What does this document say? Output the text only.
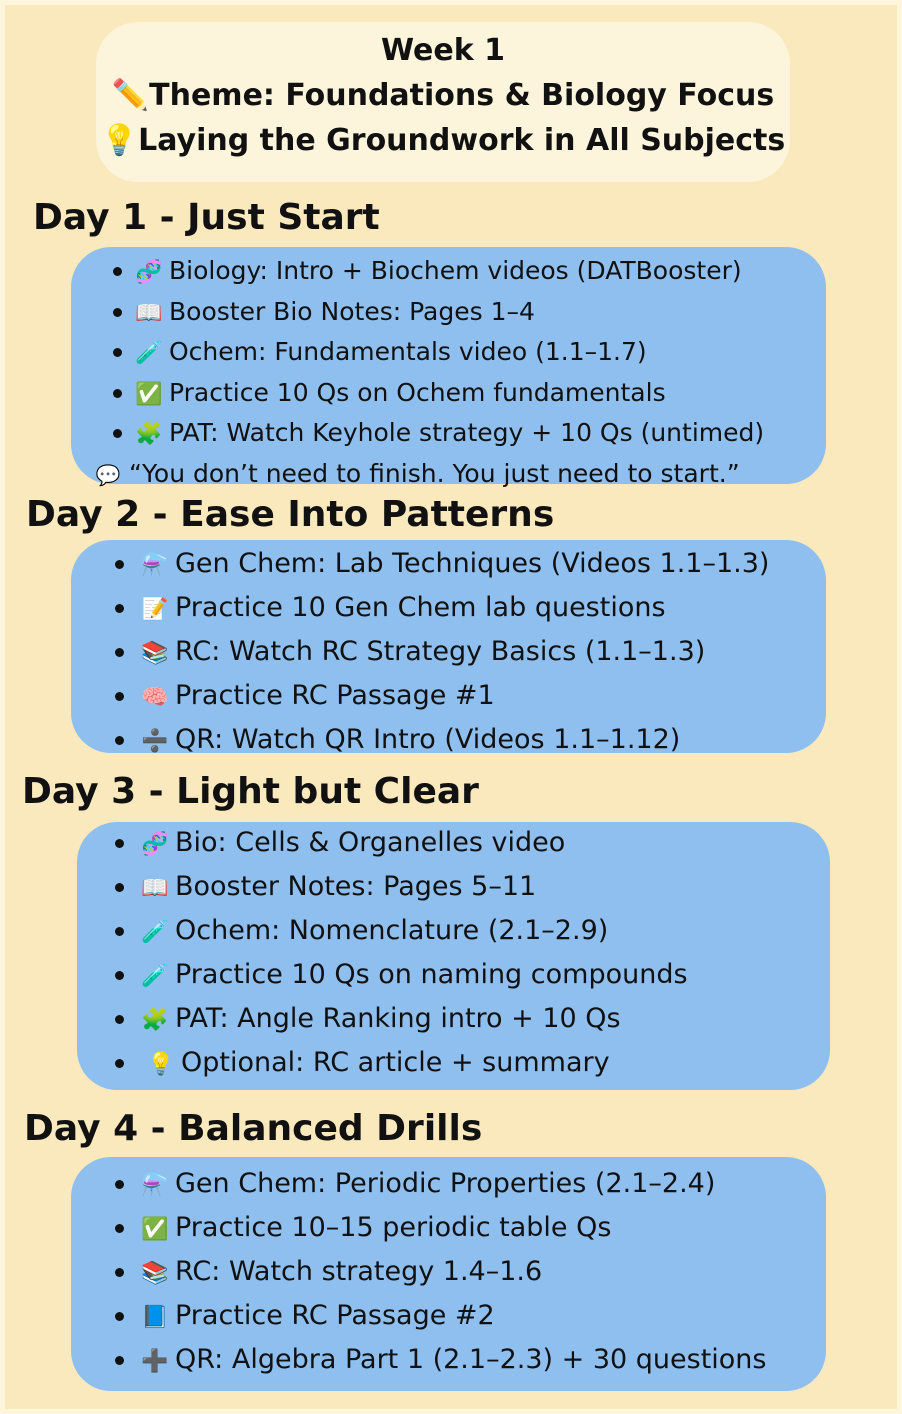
Week 1
✏️Theme: Foundations & Biology Focus
💡Laying the Groundwork in All Subjects
Day 1 - Just Start
🧬 Biology: Intro + Biochem videos (DATBooster)
📖 Booster Bio Notes: Pages 1–4
🧪 Ochem: Fundamentals video (1.1–1.7)
✅ Practice 10 Qs on Ochem fundamentals
🧩 PAT: Watch Keyhole strategy + 10 Qs (untimed)
💬 “You don’t need to finish. You just need to start.”
Day 2 - Ease Into Patterns
⚗️ Gen Chem: Lab Techniques (Videos 1.1–1.3)
📝 Practice 10 Gen Chem lab questions
📚 RC: Watch RC Strategy Basics (1.1–1.3)
🧠 Practice RC Passage #1
➗ QR: Watch QR Intro (Videos 1.1–1.12)
Day 3 - Light but Clear
🧬 Bio: Cells & Organelles video
📖 Booster Notes: Pages 5–11
🧪 Ochem: Nomenclature (2.1–2.9)
🧪 Practice 10 Qs on naming compounds
🧩 PAT: Angle Ranking intro + 10 Qs
💡 Optional: RC article + summary
Day 4 - Balanced Drills
⚗️ Gen Chem: Periodic Properties (2.1–2.4)
✅ Practice 10–15 periodic table Qs
📚 RC: Watch strategy 1.4–1.6
📘 Practice RC Passage #2
➕ QR: Algebra Part 1 (2.1–2.3) + 30 questions
